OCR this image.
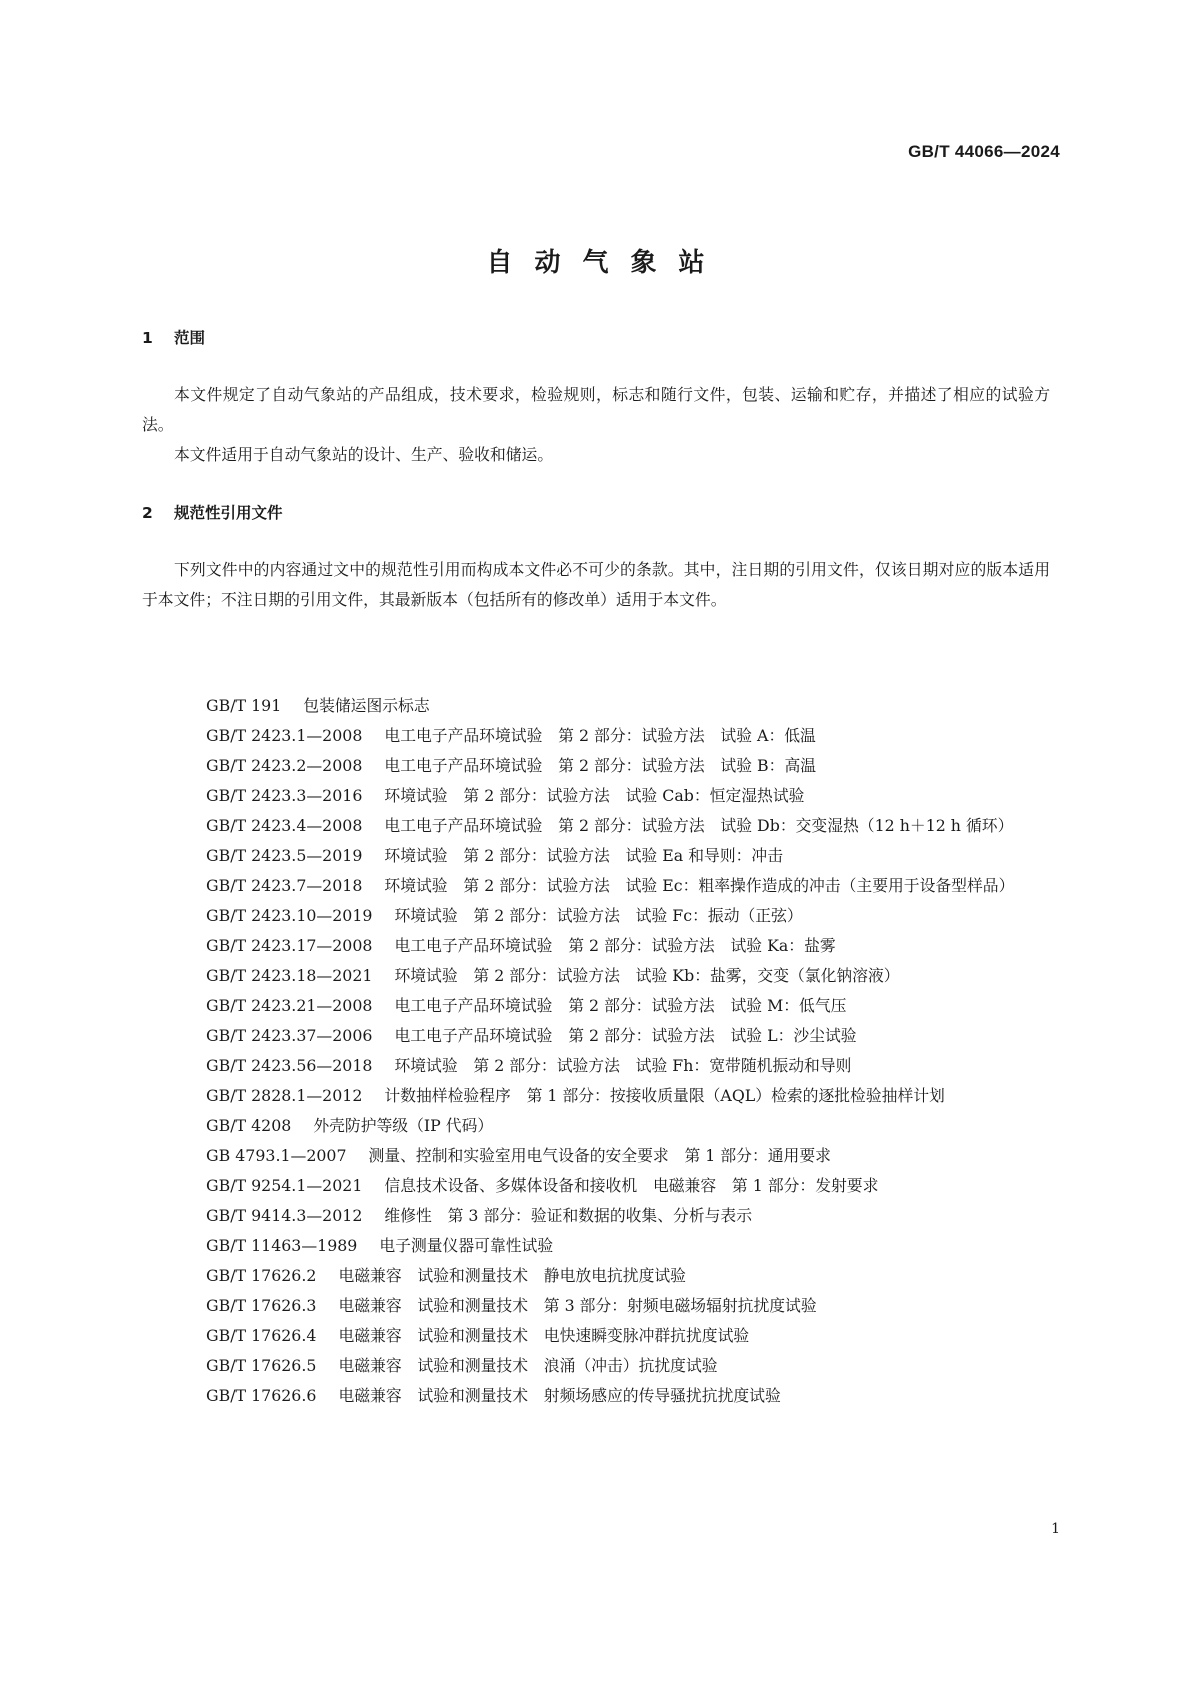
GB/T 44066—2024
自动气象站
1 范围

本文件规定了自动气象站的产品组成，技术要求，检验规则，标志和随行文件，包装、运输和贮存，并描述了相应的试验方法。

本文件适用于自动气象站的设计、生产、验收和储运。

2 规范性引用文件

下列文件中的内容通过文中的规范性引用而构成本文件必不可少的条款。其中，注日期的引用文件，仅该日期对应的版本适用于本文件；不注日期的引用文件，其最新版本（包括所有的修改单）适用于本文件。

GB/T 191 包装储运图示标志
GB/T 2423.1—2008 电工电子产品环境试验　第 2 部分：试验方法　试验 A：低温
GB/T 2423.2—2008 电工电子产品环境试验　第 2 部分：试验方法　试验 B：高温
GB/T 2423.3—2016 环境试验　第 2 部分：试验方法　试验 Cab：恒定湿热试验
GB/T 2423.4—2008 电工电子产品环境试验　第 2 部分：试验方法　试验 Db：交变湿热（12 h＋12 h 循环）
GB/T 2423.5—2019 环境试验　第 2 部分：试验方法　试验 Ea 和导则：冲击
GB/T 2423.7—2018 环境试验　第 2 部分：试验方法　试验 Ec：粗率操作造成的冲击（主要用于设备型样品）
GB/T 2423.10—2019 环境试验　第 2 部分：试验方法　试验 Fc：振动（正弦）
GB/T 2423.17—2008 电工电子产品环境试验　第 2 部分：试验方法　试验 Ka：盐雾
GB/T 2423.18—2021 环境试验　第 2 部分：试验方法　试验 Kb：盐雾，交变（氯化钠溶液）
GB/T 2423.21—2008 电工电子产品环境试验　第 2 部分：试验方法　试验 M：低气压
GB/T 2423.37—2006 电工电子产品环境试验　第 2 部分：试验方法　试验 L：沙尘试验
GB/T 2423.56—2018 环境试验　第 2 部分：试验方法　试验 Fh：宽带随机振动和导则
GB/T 2828.1—2012 计数抽样检验程序　第 1 部分：按接收质量限（AQL）检索的逐批检验抽样计划
GB/T 4208 外壳防护等级（IP 代码）
GB 4793.1—2007 测量、控制和实验室用电气设备的安全要求　第 1 部分：通用要求
GB/T 9254.1—2021 信息技术设备、多媒体设备和接收机　电磁兼容　第 1 部分：发射要求
GB/T 9414.3—2012 维修性　第 3 部分：验证和数据的收集、分析与表示
GB/T 11463—1989 电子测量仪器可靠性试验
GB/T 17626.2 电磁兼容　试验和测量技术　静电放电抗扰度试验
GB/T 17626.3 电磁兼容　试验和测量技术　第 3 部分：射频电磁场辐射抗扰度试验
GB/T 17626.4 电磁兼容　试验和测量技术　电快速瞬变脉冲群抗扰度试验
GB/T 17626.5 电磁兼容　试验和测量技术　浪涌（冲击）抗扰度试验
GB/T 17626.6 电磁兼容　试验和测量技术　射频场感应的传导骚扰抗扰度试验
1
